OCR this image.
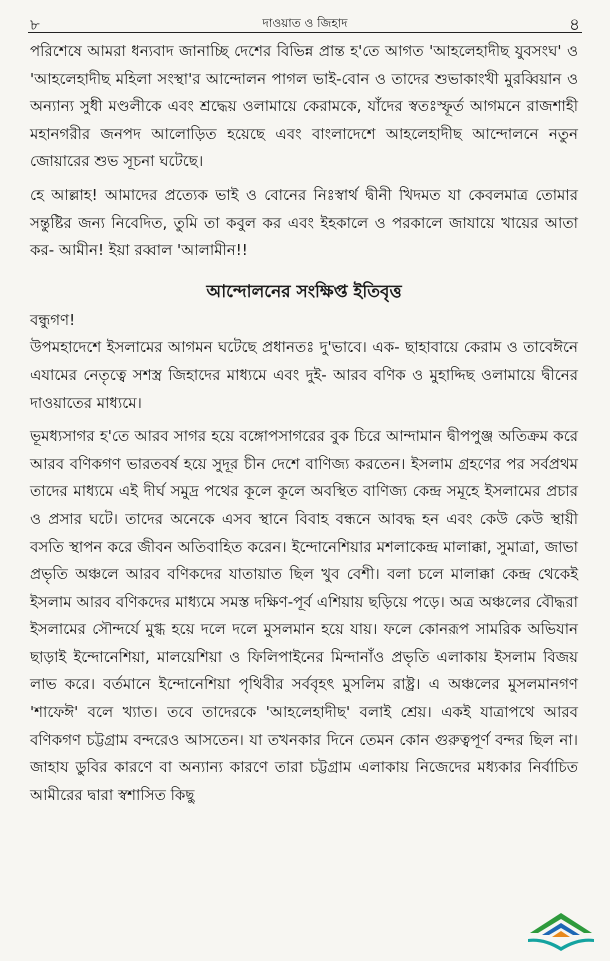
৮	দাওয়াত ও জিহাদ	৪

পরিশেষে আমরা ধন্যবাদ জানাচ্ছি দেশের বিভিন্ন প্রান্ত হ'তে আগত 'আহলেহাদীছ যুবসংঘ' ও 'আহলেহাদীছ মহিলা সংস্থা'র আন্দোলন পাগল ভাই-বোন ও তাদের শুভাকাংখী মুরব্বিয়ান ও অন্যান্য সুধী মণ্ডলীকে এবং শ্রদ্ধেয় ওলামায়ে কেরামকে, যাঁদের স্বতঃস্ফূর্ত আগমনে রাজশাহী মহানগরীর জনপদ আলোড়িত হয়েছে এবং বাংলাদেশে আহলেহাদীছ আন্দোলনে নতুন জোয়ারের শুভ সূচনা ঘটেছে।

হে আল্লাহ! আমাদের প্রত্যেক ভাই ও বোনের নিঃস্বার্থ দ্বীনী খিদমত যা কেবলমাত্র তোমার সন্তুষ্টির জন্য নিবেদিত, তুমি তা কবুল কর এবং ইহকালে ও পরকালে জাযায়ে খায়ের আতা কর- আমীন! ইয়া রব্বাল 'আলামীন!!

আন্দোলনের সংক্ষিপ্ত ইতিবৃত্ত

বন্ধুগণ!

উপমহাদেশে ইসলামের আগমন ঘটেছে প্রধানতঃ দু'ভাবে। এক- ছাহাবায়ে কেরাম ও তাবেঈনে এযামের নেতৃত্বে সশস্ত্র জিহাদের মাধ্যমে এবং দুই- আরব বণিক ও মুহাদ্দিছ ওলামায়ে দ্বীনের দাওয়াতের মাধ্যমে।

ভূমধ্যসাগর হ'তে আরব সাগর হয়ে বঙ্গোপসাগরের বুক চিরে আন্দামান দ্বীপপুঞ্জ অতিক্রম করে আরব বণিকগণ ভারতবর্ষ হয়ে সুদূর চীন দেশে বাণিজ্য করতেন। ইসলাম গ্রহণের পর সর্বপ্রথম তাদের মাধ্যমে এই দীর্ঘ সমুদ্র পথের কূলে কূলে অবস্থিত বাণিজ্য কেন্দ্র সমূহে ইসলামের প্রচার ও প্রসার ঘটে। তাদের অনেকে এসব স্থানে বিবাহ বন্ধনে আবদ্ধ হন এবং কেউ কেউ স্থায়ী বসতি স্থাপন করে জীবন অতিবাহিত করেন। ইন্দোনেশিয়ার মশলাকেন্দ্র মালাক্কা, সুমাত্রা, জাভা প্রভৃতি অঞ্চলে আরব বণিকদের যাতায়াত ছিল খুব বেশী। বলা চলে মালাক্কা কেন্দ্র থেকেই ইসলাম আরব বণিকদের মাধ্যমে সমস্ত দক্ষিণ-পূর্ব এশিয়ায় ছড়িয়ে পড়ে। অত্র অঞ্চলের বৌদ্ধরা ইসলামের সৌন্দর্যে মুগ্ধ হয়ে দলে দলে মুসলমান হয়ে যায়। ফলে কোনরূপ সামরিক অভিযান ছাড়াই ইন্দোনেশিয়া, মালয়েশিয়া ও ফিলিপাইনের মিন্দানাঁও প্রভৃতি এলাকায় ইসলাম বিজয় লাভ করে। বর্তমানে ইন্দোনেশিয়া পৃথিবীর সর্ববৃহৎ মুসলিম রাষ্ট্র। এ অঞ্চলের মুসলমানগণ 'শাফেঈ' বলে খ্যাত। তবে তাদেরকে 'আহলেহাদীছ' বলাই শ্রেয়। একই যাত্রাপথে আরব বণিকগণ চট্টগ্রাম বন্দরেও আসতেন। যা তখনকার দিনে তেমন কোন গুরুত্বপূর্ণ বন্দর ছিল না। জাহায ডুবির কারণে বা অন্যান্য কারণে তারা চট্টগ্রাম এলাকায় নিজেদের মধ্যকার নির্বাচিত আমীরের দ্বারা স্বশাসিত কিছু
